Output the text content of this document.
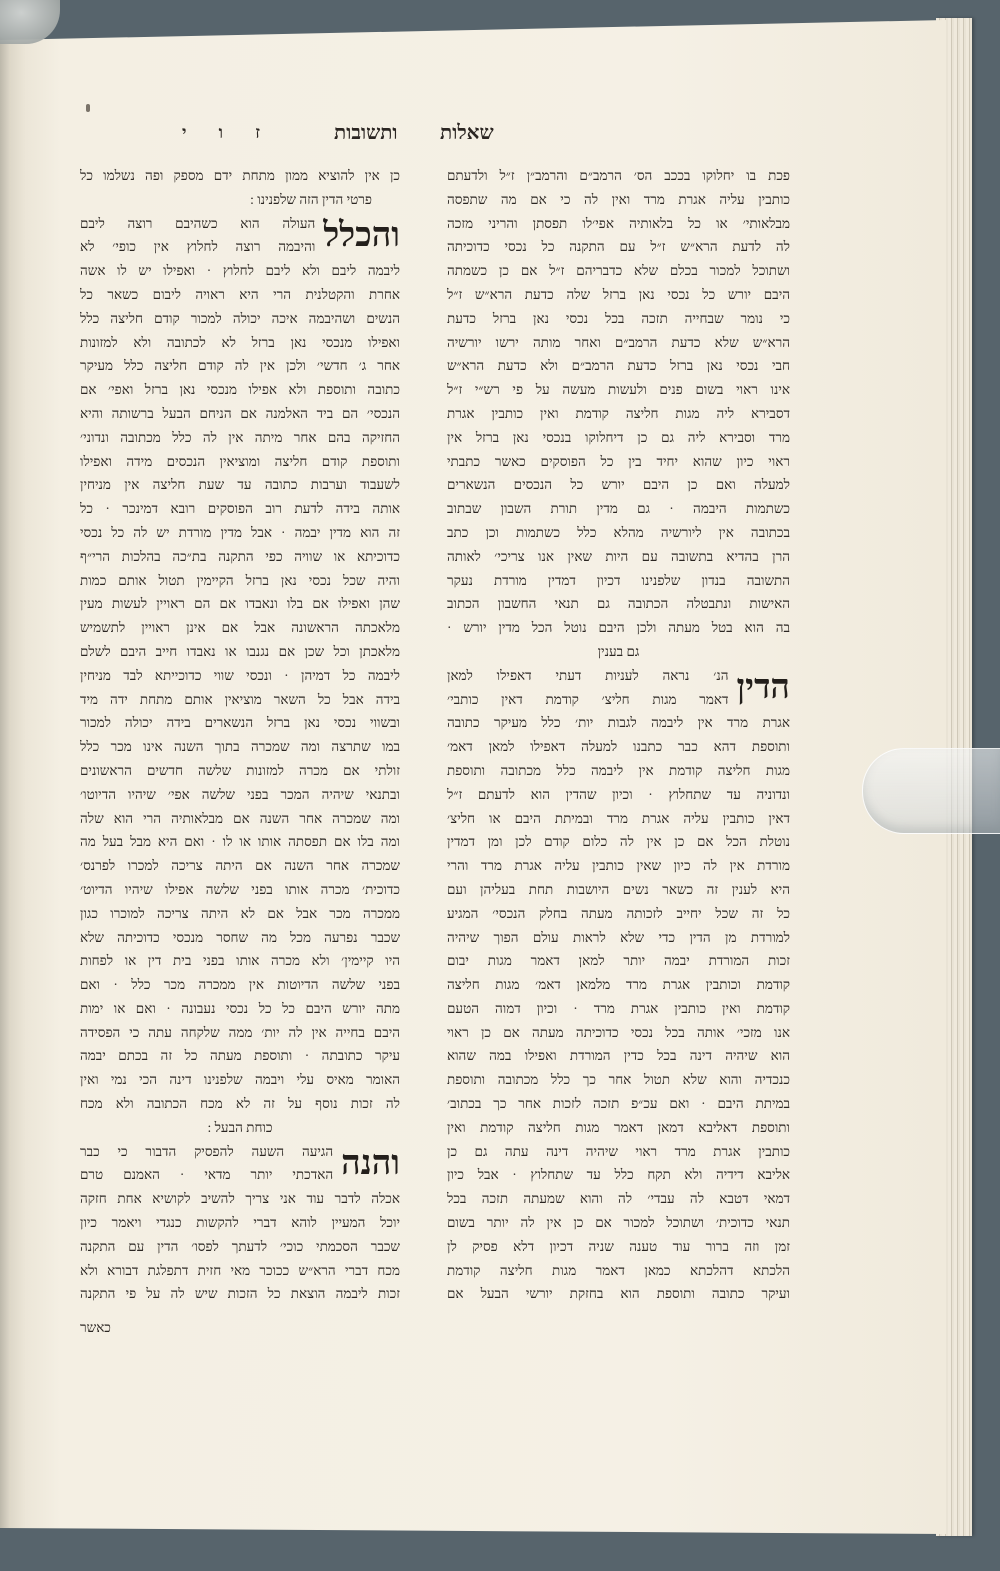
שאלות
ותשובות
ז ו י
פכת בו יחלוקו בככב הס׳ הרמב״ם והרמב״ן ז״ל ולדעתם
כותבין עליה אגרת מרד ואין לה כי אם מה שתפסה
מבלאותי׳ או כל בלאותיה אפי׳לו תפסתן והריני מזכה
לה לדעת הרא״ש ז״ל עם התקנה כל נכסי כדוכיתה
ושתוכל למכור בכלם שלא כדבריהם ז״ל אם כן כשמתה
היבם יורש כל נכסי נאן ברזל שלה כדעת הרא״ש ז״ל
כי נומר שבחייה תזכה בכל נכסי נאן ברזל כדעת
הרא״ש שלא כדעת הרמב״ם ואחר מותה ירשו יורשיה
חבי נכסי נאן ברזל כדעת הרמב״ם ולא כדעת הרא״ש
אינו ראוי בשום פנים ולעשות מעשה על פי רש״י ז״ל
דסבירא ליה מגות חליצה קודמת ואין כותבין אגרת
מרד וסבירא ליה גם כן דיחלוקו בנכסי נאן ברזל אין
ראוי כיון שהוא יחיד בין כל הפוסקים כאשר כתבתי
למעלה ואם כן היבם יורש כל הנכסים הנשארים
כשתמות היבמה · גם מדין תורת השבון שבתוב
בכתובה אין ליורשיה מהלא כלל כשתמות וכן כתב
הרן בהדיא בתשובה עם היות שאין אנו צריכי׳ לאותה
התשובה בנדון שלפנינו דכיון דמדין מורדת נעקר
האישות ונתבטלה הכתובה גם תנאי החשבון הכתוב
בה הוא בטל מעתה ולכן היבם נוטל הכל מדין יורש ·
גם בענין
הדין
הנ׳ נראה לעניות דעתי דאפילו למאן
דאמר מגות חליצ׳ קודמת דאין כותבי׳
אגרת מרד אין ליבמה לגבות יות׳ כלל מעיקר כתובה
ותוספת דהא כבר כתבנו למעלה דאפילו למאן דאמ׳
מגות חליצה קודמת אין ליבמה כלל מכתובה ותוספת
ונדוניה עד שתחלוץ · וכיון שהדין הוא לדעתם ז״ל
דאין כותבין עליה אגרת מרד ובמיתת היבם או חליצ׳
נוטלת הכל אם כן אין לה כלום קודם לכן ומן דמדין
מורדת אין לה כיון שאין כותבין עליה אגרת מרד והרי
היא לענין זה כשאר נשים היושבות תחת בעליהן ועם
כל זה שכל יחייב לזכותה מעתה בחלק הנכסי׳ המגיע
למורדת מן הדין כדי שלא לראות עולם הפוך שיהיה
זכות המורדת יבמה יותר למאן דאמר מגות יבום
קודמת וכותבין אגרת מרד מלמאן דאמ׳ מגות חליצה
קודמת ואין כותבין אגרת מרד · וכיון דמוה הטעם
אנו מזכי׳ אותה בכל נכסי כדוכיתה מעתה אם כן ראוי
הוא שיהיה דינה בכל כדין המורדת ואפילו במה שהוא
כנכדיה והוא שלא תטול אחר כך כלל מכתובה ותוספת
במיתת היבם · ואם עכ״פ תזכה לזכות אחר כך בכתוב׳
ותוספת דאליבא דמאן דאמר מגות חליצה קודמת ואין
כותבין אגרת מרד ראוי שיהיה דינה עתה גם כן
אליבא דידיה ולא תקח כלל עד שתחלוץ · אבל כיון
דמאי דטבא לה עבדי׳ לה והוא שמעתה תזכה בכל
תנאי כדוכית׳ ושתוכל למכור אם כן אין לה יותר בשום
זמן וזה ברור עוד טענה שניה דכיון דלא פסיק לן
הלכתא דהלכתא כמאן דאמר מגות חליצה קודמת
ועיקר כתובה ותוספת הוא בחזקת יורשי הבעל אם
כן אין להוציא ממון מתחת ידם מספק ופה נשלמו כל
פרטי הדין הזה שלפנינו :
והכלל
העולה הוא כשהיבם רוצה ליבם
והיבמה רוצה לחלוץ אין כופי׳ לא
ליבמה ליבם ולא ליבם לחלוץ · ואפילו יש לו אשה
אחרת והקטלנית הרי היא ראויה ליבום כשאר כל
הנשים ושהיבמה איכה יכולה למכור קודם חליצה כלל
ואפילו מנכסי נאן ברזל לא לכתובה ולא למזונות
אחר ג׳ חדשי׳ ולכן אין לה קודם חליצה כלל מעיקר
כתובה ותוספת ולא אפילו מנכסי נאן ברזל ואפי׳ אם
הנכסי׳ הם ביד האלמנה אם הניחם הבעל ברשותה והיא
החזיקה בהם אחר מיתה אין לה כלל מכתובה ונדוני׳
ותוספת קודם חליצה ומוציאין הנכסים מידה ואפילו
לשעבוד וערבות כתובה עד שעת חליצה אין מניחין
אותה בידה לדעת רוב הפוסקים רובא דמינכר · כל
זה הוא מדין יבמה · אבל מדין מורדת יש לה כל נכסי
כדוכיתא או שוויה כפי התקנה בת״כה בהלכות הרי״ף
והיה שכל נכסי נאן ברזל הקיימין תטול אותם כמות
שהן ואפילו אם בלו ונאבדו אם הם ראויין לעשות מעין
מלאכתה הראשונה אבל אם אינן ראויין לתשמיש
מלאכתן וכל שכן אם נגנבו או נאבדו חייב היבם לשלם
ליבמה כל דמיהן · ונכסי שווי כדוכייתא לבד מניחין
בידה אבל כל השאר מוציאין אותם מתחת ידה מיד
ובשווי נכסי נאן ברזל הנשארים בידה יכולה למכור
במו שתרצה ומה שמכרה בתוך השנה אינו מכר כלל
זולתי אם מכרה למזונות שלשה חדשים הראשונים
ובתנאי שיהיה המכר בפני שלשה אפי׳ שיהיו הדיוטו׳
ומה שמכרה אחר השנה אם מבלאותיה הרי הוא שלה
ומה בלו אם תפסתה אותו או לו · ואם היא מבל בעל מה
שמכרה אחר השנה אם היתה צריכה למכרו לפרנס׳
כדוכית׳ מכרה אותו בפני שלשה אפילו שיהיו הדיוט׳
ממכרה מכר אבל אם לא היתה צריכה למוכרו כגון
שכבר נפרעה מכל מה שחסר מנכסי כדוכיתה שלא
היו קיימין׳ ולא מכרה אותו בפני בית דין או לפחות
בפני שלשה הדיוטות אין ממכרה מכר כלל · ואם
מתה יורש היבם כל כל נכסי נעבונה · ואם או ימות
היבם בחייה אין לה יות׳ ממה שלקחה עתה כי הפסידה
עיקר כתובתה · ותוספת מעתה כל זה בכתם יבמה
האומר מאיס עלי ויבמה שלפנינו דינה הכי נמי ואין
לה זכות נוסף על זה לא מכח הכתובה ולא מכח
כוחת הבעל :
והנה
הגיעה השעה להפסיק הדבור כי כבר
האדכתי יותר מדאי · האמנם טרם
אכלה לדבר עוד אני צריך להשיב לקושיא אחת חזקה
יוכל המעיין לוהא דברי להקשות כנגדי ויאמר כיון
שכבר הסכמתי כוכי׳ לדעתך לפסו׳ הדין עם התקנה
מכח דברי הרא״ש ככוכר מאי חזית דתפלגת דבורא ולא
זכות ליבמה הוצאת כל הזכות שיש לה על פי התקנה
כאשר
